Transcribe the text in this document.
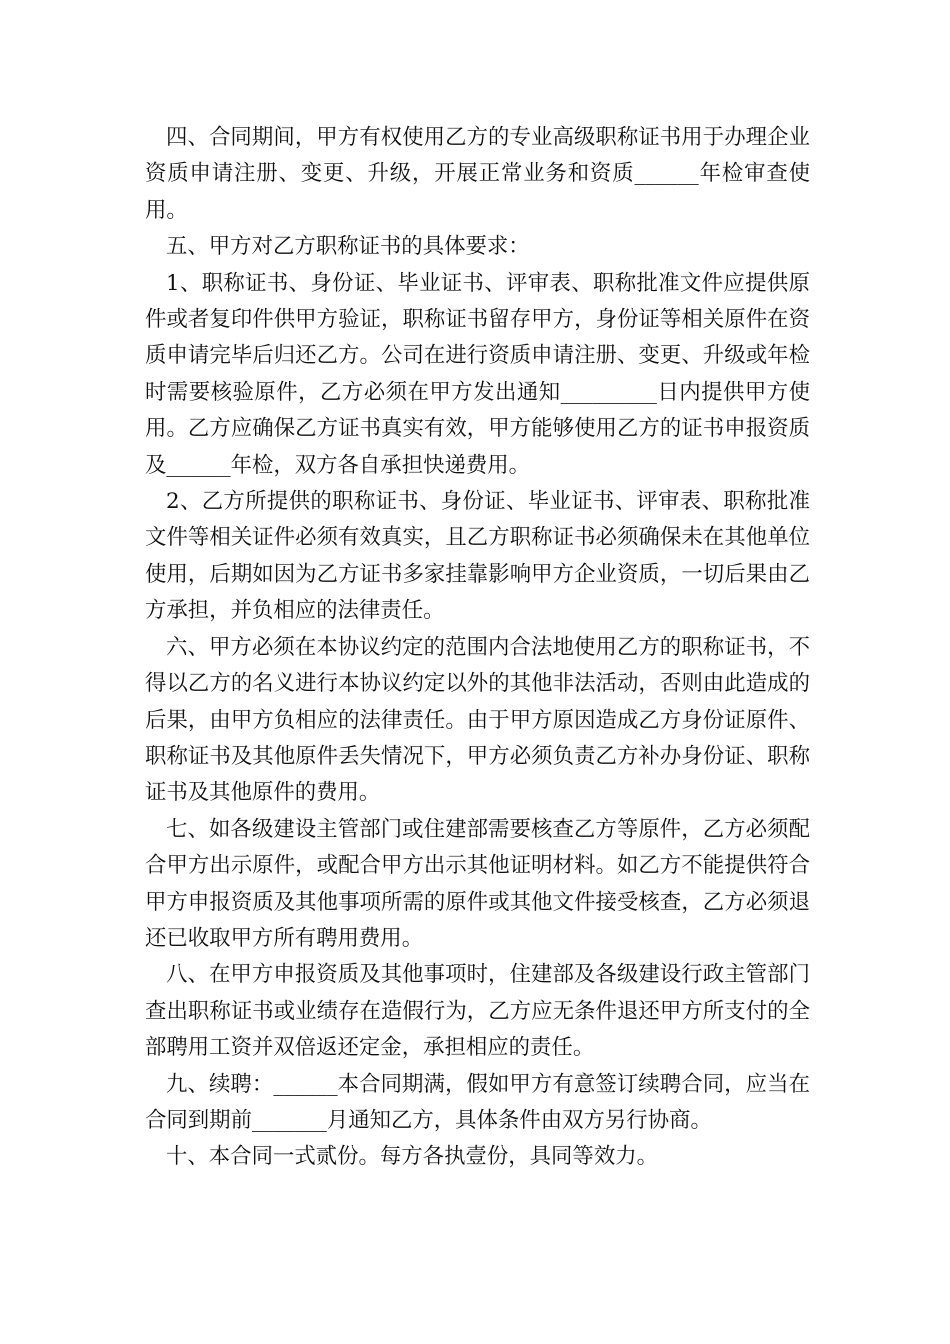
四、合同期间，甲方有权使用乙方的专业高级职称证书用于办理企业资质申请注册、变更、升级，开展正常业务和资质______年检审查使用。

五、甲方对乙方职称证书的具体要求：

1、职称证书、身份证、毕业证书、评审表、职称批准文件应提供原件或者复印件供甲方验证，职称证书留存甲方，身份证等相关原件在资质申请完毕后归还乙方。公司在进行资质申请注册、变更、升级或年检时需要核验原件，乙方必须在甲方发出通知_________日内提供甲方使用。乙方应确保乙方证书真实有效，甲方能够使用乙方的证书申报资质及______年检，双方各自承担快递费用。

2、乙方所提供的职称证书、身份证、毕业证书、评审表、职称批准文件等相关证件必须有效真实，且乙方职称证书必须确保未在其他单位使用，后期如因为乙方证书多家挂靠影响甲方企业资质，一切后果由乙方承担，并负相应的法律责任。

六、甲方必须在本协议约定的范围内合法地使用乙方的职称证书，不得以乙方的名义进行本协议约定以外的其他非法活动，否则由此造成的后果，由甲方负相应的法律责任。由于甲方原因造成乙方身份证原件、职称证书及其他原件丢失情况下，甲方必须负责乙方补办身份证、职称证书及其他原件的费用。

七、如各级建设主管部门或住建部需要核查乙方等原件，乙方必须配合甲方出示原件，或配合甲方出示其他证明材料。如乙方不能提供符合甲方申报资质及其他事项所需的原件或其他文件接受核查，乙方必须退还已收取甲方所有聘用费用。

八、在甲方申报资质及其他事项时，住建部及各级建设行政主管部门查出职称证书或业绩存在造假行为，乙方应无条件退还甲方所支付的全部聘用工资并双倍返还定金，承担相应的责任。

九、续聘：______本合同期满，假如甲方有意签订续聘合同，应当在合同到期前_______月通知乙方，具体条件由双方另行协商。

十、本合同一式贰份。每方各执壹份，具同等效力。
